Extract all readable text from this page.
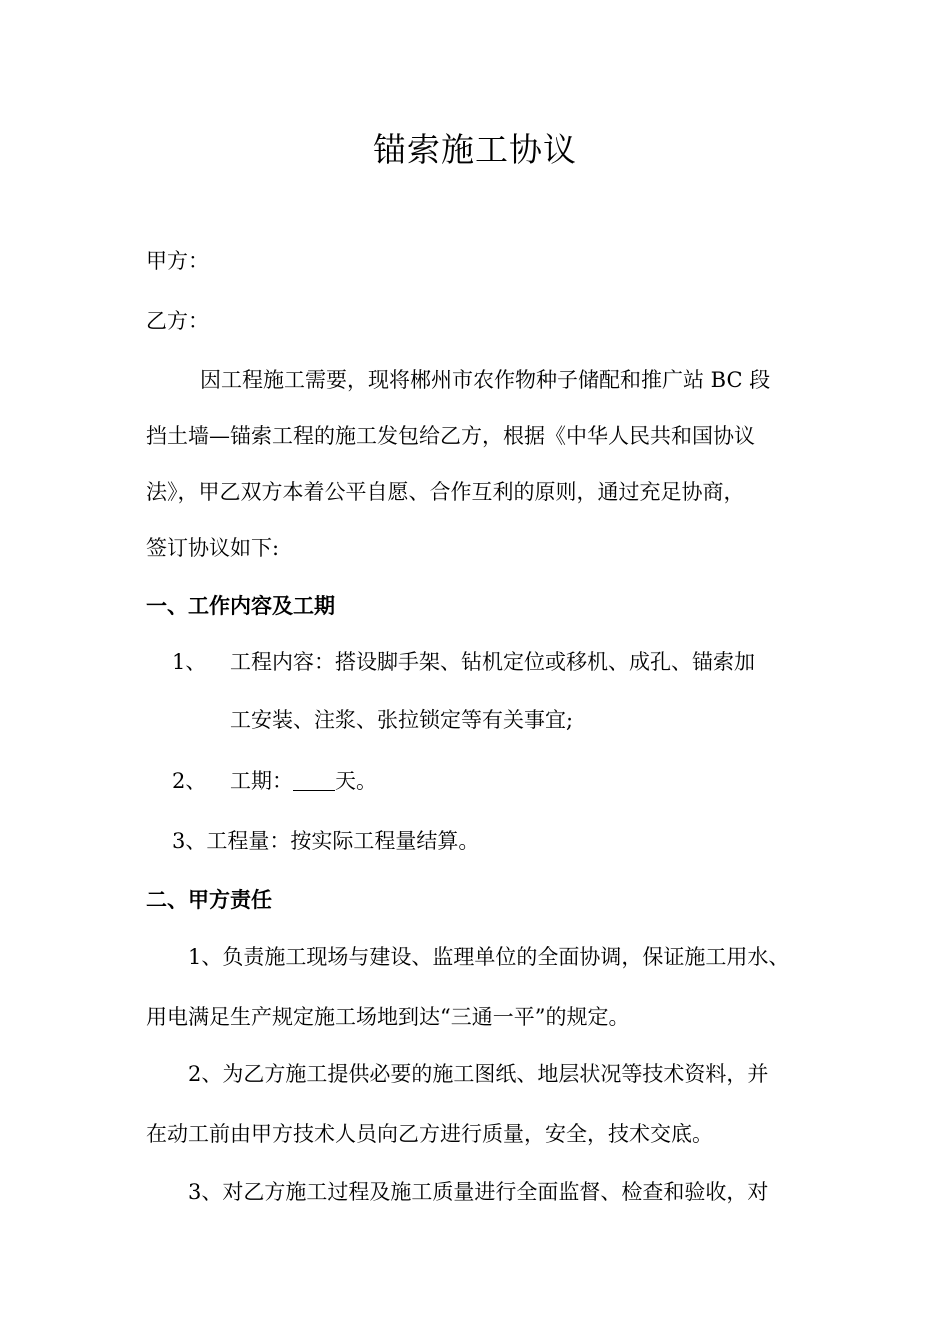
锚索施工协议
甲方：
乙方：
因工程施工需要，现将郴州市农作物种子储配和推广站 BC 段
挡土墙—锚索工程的施工发包给乙方，根据《中华人民共和国协议
法》，甲乙双方本着公平自愿、合作互利的原则，通过充足协商，
签订协议如下:
一、工作内容及工期
1、 工程内容：搭设脚手架、钻机定位或移机、成孔、锚索加
工安装、注浆、张拉锁定等有关事宜;
2、 工期： 天。
3、工程量：按实际工程量结算。
二、甲方责任
1、负责施工现场与建设、监理单位的全面协调，保证施工用水、
用电满足生产规定施工场地到达“三通一平”的规定。
2、为乙方施工提供必要的施工图纸、地层状况等技术资料，并
在动工前由甲方技术人员向乙方进行质量，安全，技术交底。
3、对乙方施工过程及施工质量进行全面监督、检查和验收，对
